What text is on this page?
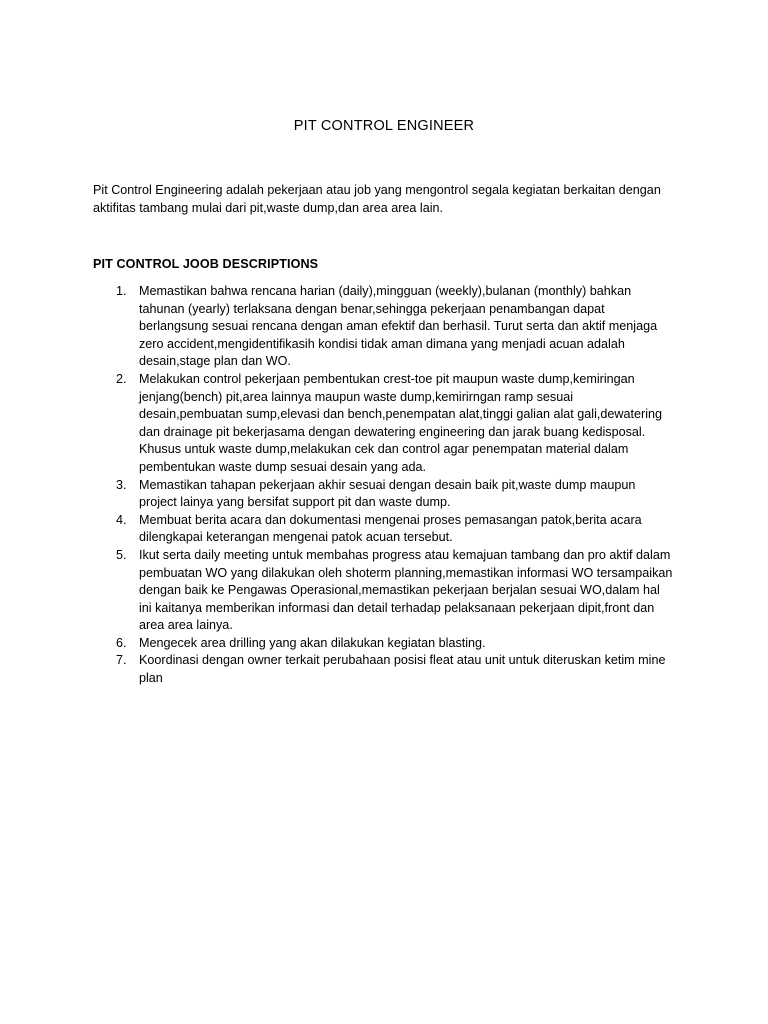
PIT CONTROL ENGINEER

Pit Control Engineering adalah pekerjaan atau job yang mengontrol segala kegiatan berkaitan dengan aktifitas tambang mulai dari pit,waste dump,dan area area lain.

PIT CONTROL JOOB DESCRIPTIONS
1. Memastikan bahwa rencana harian (daily),mingguan (weekly),bulanan (monthly) bahkan tahunan (yearly) terlaksana dengan benar,sehingga pekerjaan penambangan dapat berlangsung sesuai rencana dengan aman efektif dan berhasil. Turut serta dan aktif menjaga zero accident,mengidentifikasih kondisi tidak aman dimana yang menjadi acuan adalah desain,stage plan dan WO.
2. Melakukan control pekerjaan pembentukan crest-toe pit maupun waste dump,kemiringan jenjang(bench) pit,area lainnya maupun waste dump,kemirirngan ramp sesuai desain,pembuatan sump,elevasi dan bench,penempatan alat,tinggi galian alat gali,dewatering dan drainage pit bekerjasama dengan dewatering engineering dan jarak buang kedisposal. Khusus untuk waste dump,melakukan cek dan control agar penempatan material dalam pembentukan waste dump sesuai desain yang ada.
3. Memastikan tahapan pekerjaan akhir sesuai dengan desain baik pit,waste dump maupun project lainya yang bersifat support pit dan waste dump.
4. Membuat berita acara dan dokumentasi mengenai proses pemasangan patok,berita acara dilengkapai keterangan mengenai patok acuan tersebut.
5. Ikut serta daily meeting untuk membahas progress atau kemajuan tambang dan pro aktif dalam pembuatan WO yang dilakukan oleh shoterm planning,memastikan informasi WO tersampaikan dengan baik ke Pengawas Operasional,memastikan pekerjaan berjalan sesuai WO,dalam hal ini kaitanya memberikan informasi dan detail terhadap pelaksanaan pekerjaan dipit,front dan area area lainya.
6. Mengecek area drilling yang akan dilakukan kegiatan blasting.
7. Koordinasi dengan owner terkait perubahaan posisi fleat atau unit untuk diteruskan ketim mine plan
